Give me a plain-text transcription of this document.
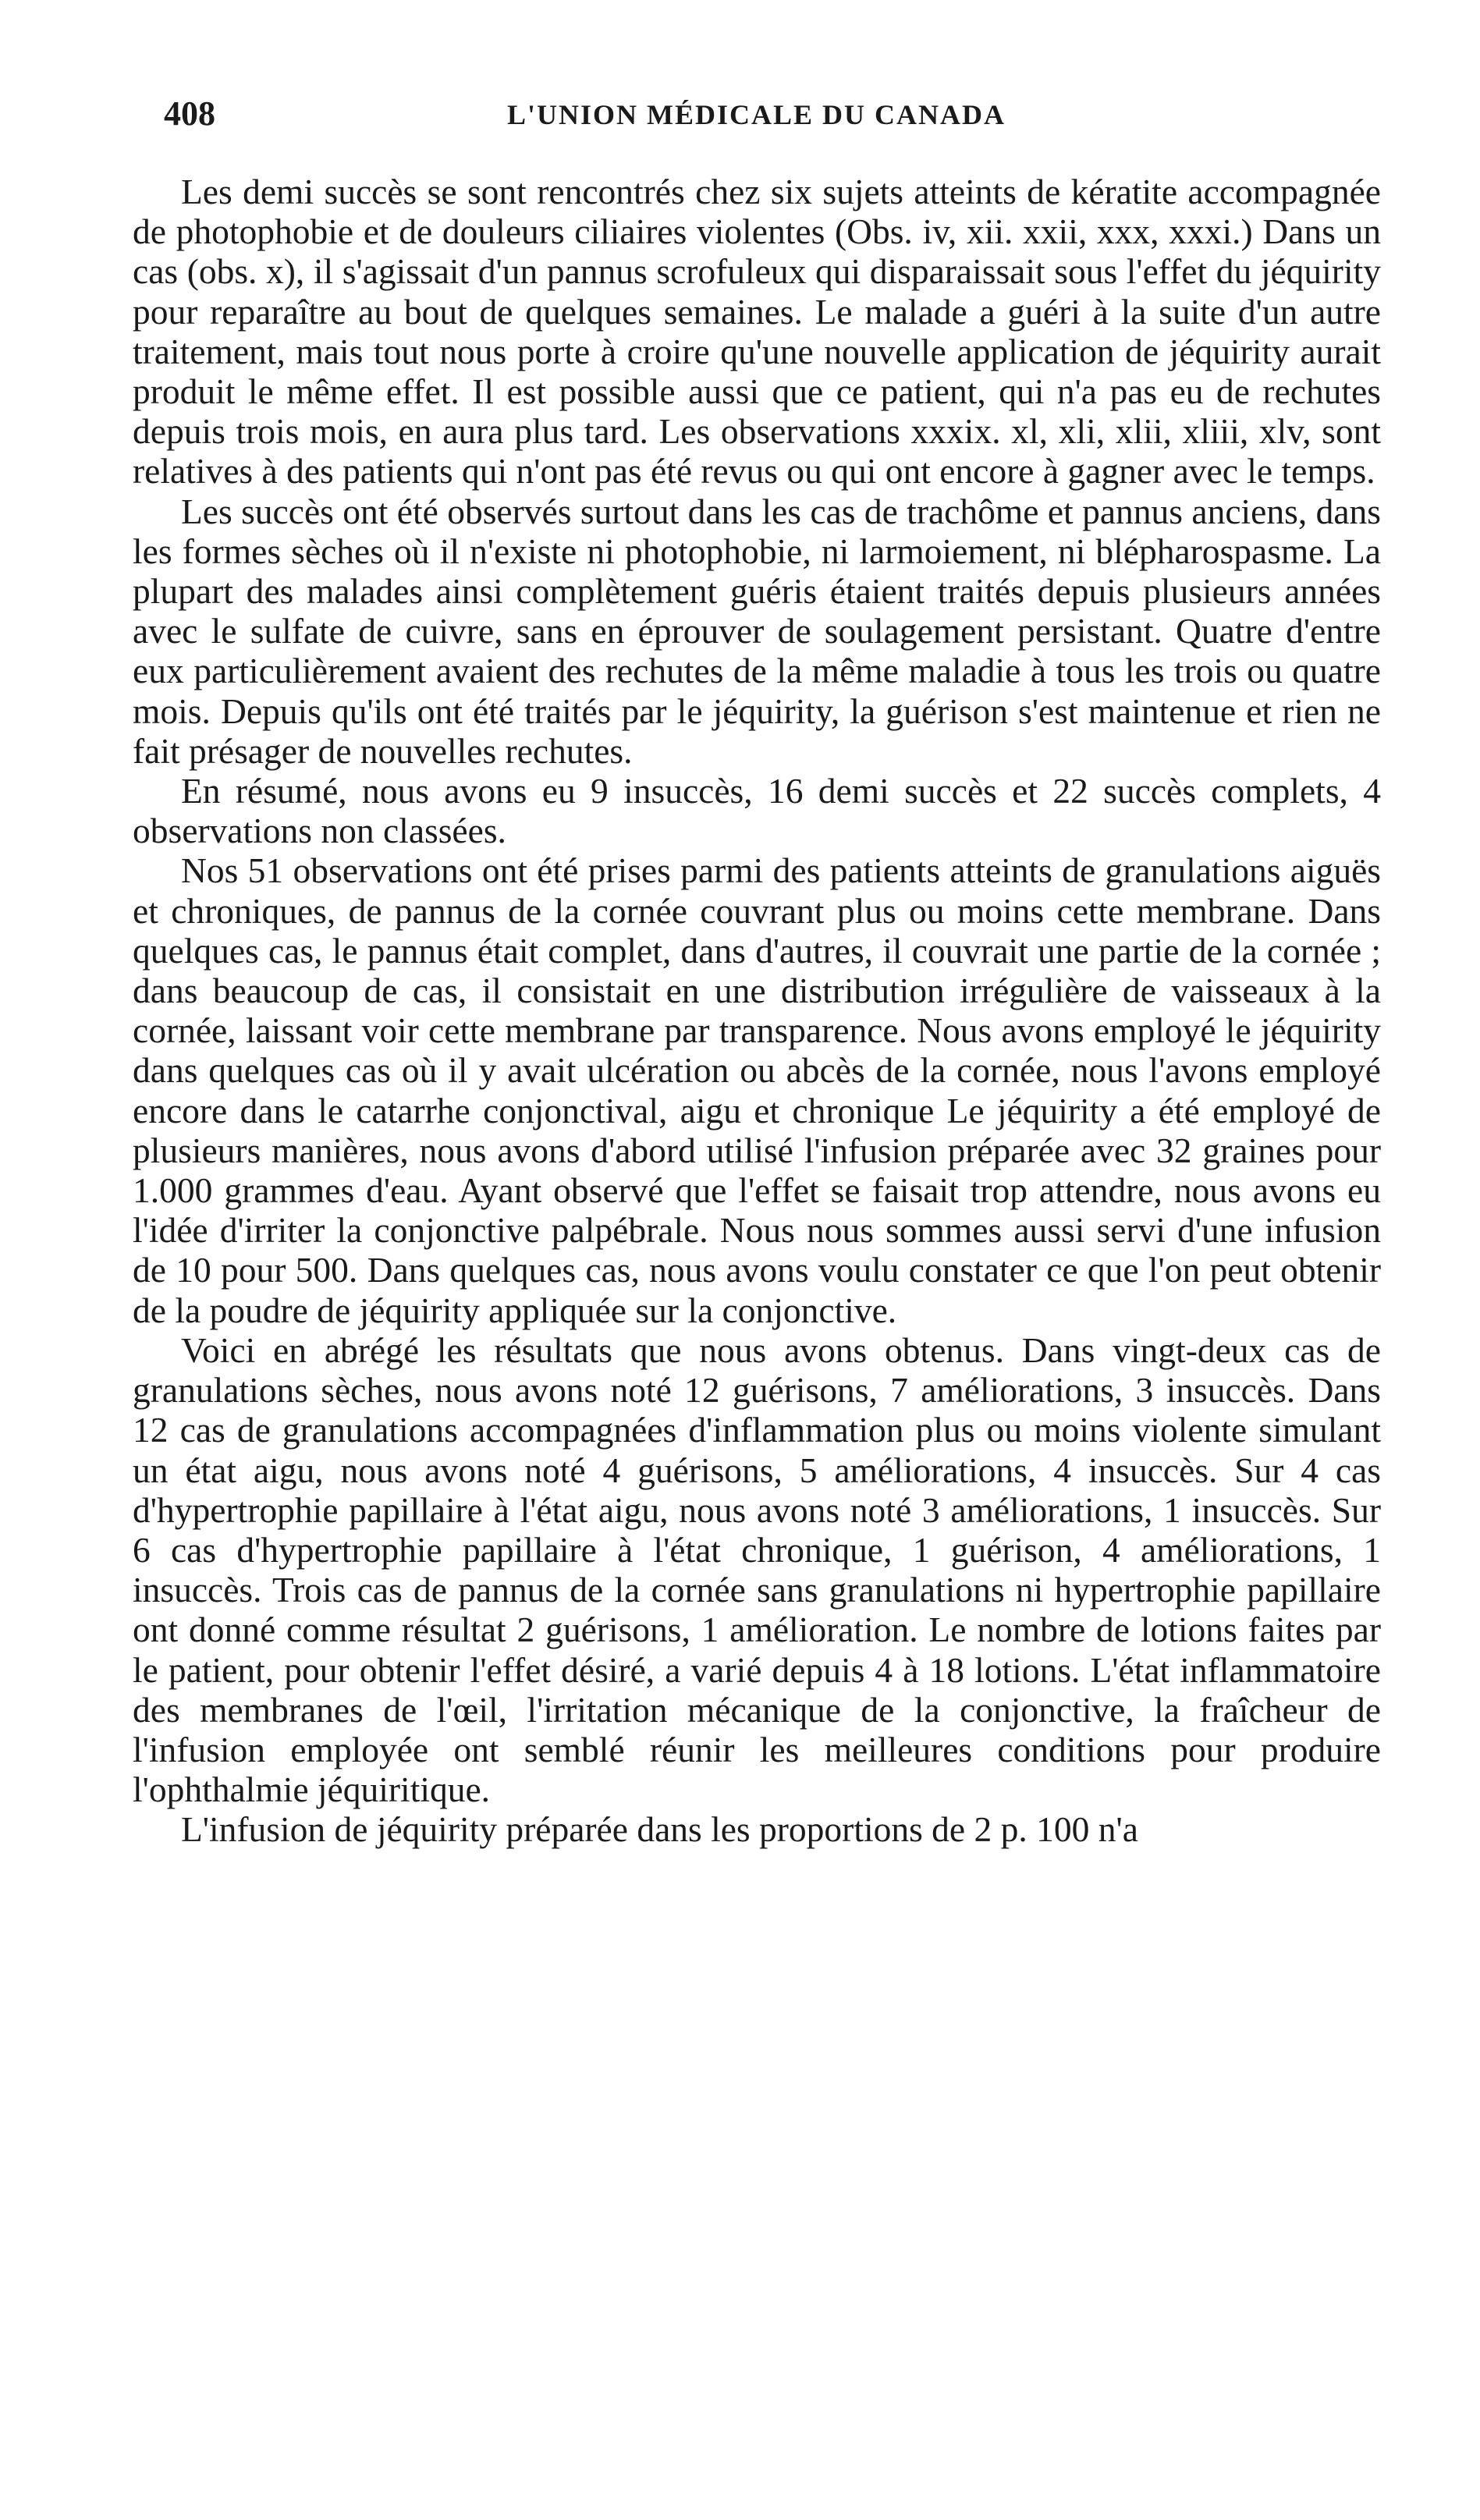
408	L'UNION MÉDICALE DU CANADA

Les demi succès se sont rencontrés chez six sujets atteints de kératite accompagnée de photophobie et de douleurs ciliaires violentes (Obs. iv, xii. xxii, xxx, xxxi.) Dans un cas (obs. x), il s'agissait d'un pannus scrofuleux qui disparaissait sous l'effet du jéquirity pour reparaître au bout de quelques semaines. Le malade a guéri à la suite d'un autre traitement, mais tout nous porte à croire qu'une nouvelle application de jéquirity aurait produit le même effet. Il est possible aussi que ce patient, qui n'a pas eu de rechutes depuis trois mois, en aura plus tard. Les observations xxxix. xl, xli, xlii, xliii, xlv, sont relatives à des patients qui n'ont pas été revus ou qui ont encore à gagner avec le temps.

Les succès ont été observés surtout dans les cas de trachôme et pannus anciens, dans les formes sèches où il n'existe ni photophobie, ni larmoiement, ni blépharospasme. La plupart des malades ainsi complètement guéris étaient traités depuis plusieurs années avec le sulfate de cuivre, sans en éprouver de soulagement persistant. Quatre d'entre eux particulièrement avaient des rechutes de la même maladie à tous les trois ou quatre mois. Depuis qu'ils ont été traités par le jéquirity, la guérison s'est maintenue et rien ne fait présager de nouvelles rechutes.

En résumé, nous avons eu 9 insuccès, 16 demi succès et 22 succès complets, 4 observations non classées.

Nos 51 observations ont été prises parmi des patients atteints de granulations aiguës et chroniques, de pannus de la cornée couvrant plus ou moins cette membrane. Dans quelques cas, le pannus était complet, dans d'autres, il couvrait une partie de la cornée ; dans beaucoup de cas, il consistait en une distribution irrégulière de vaisseaux à la cornée, laissant voir cette membrane par transparence. Nous avons employé le jéquirity dans quelques cas où il y avait ulcération ou abcès de la cornée, nous l'avons employé encore dans le catarrhe conjonctival, aigu et chronique Le jéquirity a été employé de plusieurs manières, nous avons d'abord utilisé l'infusion préparée avec 32 graines pour 1.000 grammes d'eau. Ayant observé que l'effet se faisait trop attendre, nous avons eu l'idée d'irriter la conjonctive palpébrale. Nous nous sommes aussi servi d'une infusion de 10 pour 500. Dans quelques cas, nous avons voulu constater ce que l'on peut obtenir de la poudre de jéquirity appliquée sur la conjonctive.

Voici en abrégé les résultats que nous avons obtenus. Dans vingt-deux cas de granulations sèches, nous avons noté 12 guérisons, 7 améliorations, 3 insuccès. Dans 12 cas de granulations accompagnées d'inflammation plus ou moins violente simulant un état aigu, nous avons noté 4 guérisons, 5 améliorations, 4 insuccès. Sur 4 cas d'hypertrophie papillaire à l'état aigu, nous avons noté 3 améliorations, 1 insuccès. Sur 6 cas d'hypertrophie papillaire à l'état chronique, 1 guérison, 4 améliorations, 1 insuccès. Trois cas de pannus de la cornée sans granulations ni hypertrophie papillaire ont donné comme résultat 2 guérisons, 1 amélioration. Le nombre de lotions faites par le patient, pour obtenir l'effet désiré, a varié depuis 4 à 18 lotions. L'état inflammatoire des membranes de l'œil, l'irritation mécanique de la conjonctive, la fraîcheur de l'infusion employée ont semblé réunir les meilleures conditions pour produire l'ophthalmie jéquiritique.

L'infusion de jéquirity préparée dans les proportions de 2 p. 100 n'a
